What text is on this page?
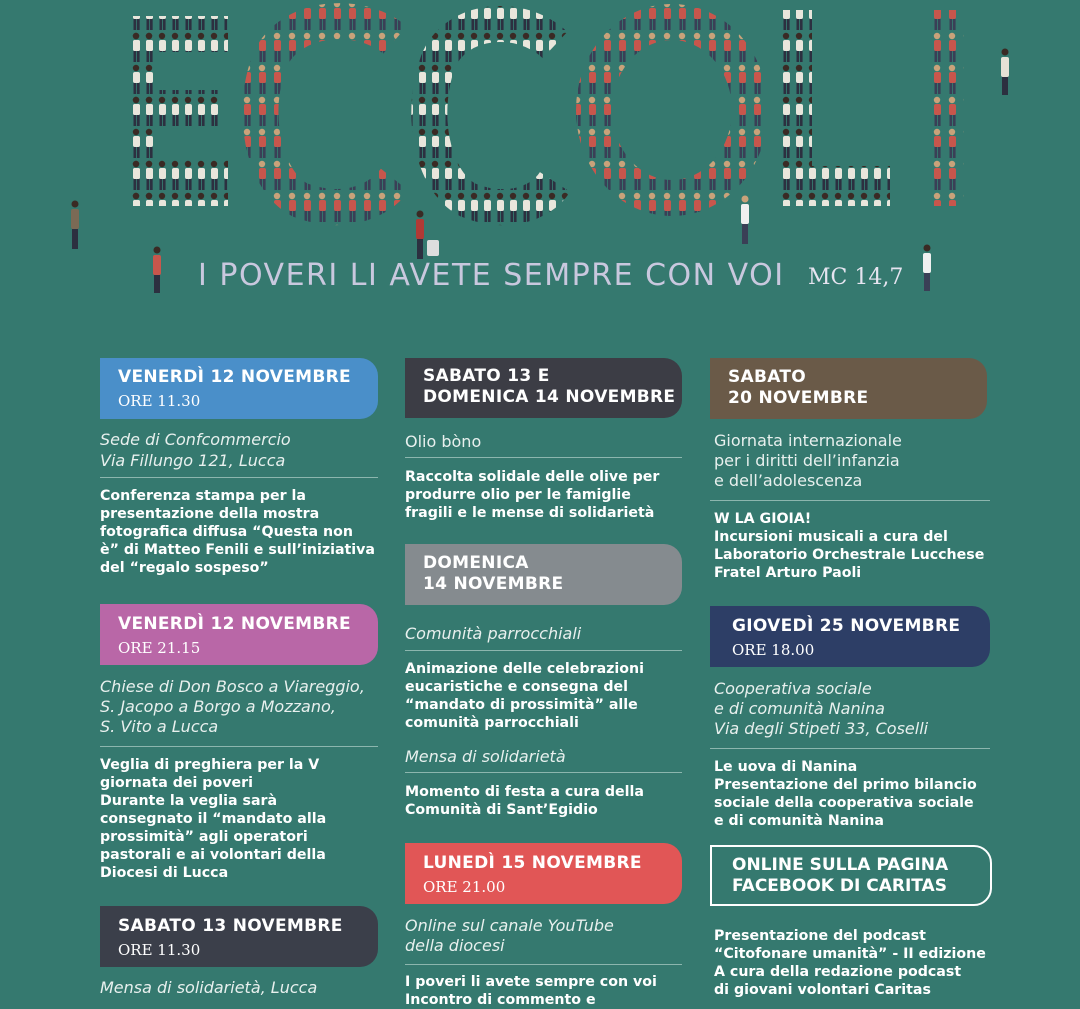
I POVERI LI AVETE SEMPRE CON VOI MC 14,7
VENERDÌ 12 NOVEMBRE
ORE 11.30
Sede di Confcommercio
Via Fillungo 121, Lucca
Conferenza stampa per la
presentazione della mostra
fotografica diffusa “Questa non
è” di Matteo Fenili e sull’iniziativa
del “regalo sospeso”
VENERDÌ 12 NOVEMBRE
ORE 21.15
Chiese di Don Bosco a Viareggio,
S. Jacopo a Borgo a Mozzano,
S. Vito a Lucca
Veglia di preghiera per la V
giornata dei poveri
Durante la veglia sarà
consegnato il “mandato alla
prossimità” agli operatori
pastorali e ai volontari della
Diocesi di Lucca
SABATO 13 NOVEMBRE
ORE 11.30
Mensa di solidarietà, Lucca
SABATO 13 E
DOMENICA 14 NOVEMBRE
Olio bòno
Raccolta solidale delle olive per
produrre olio per le famiglie
fragili e le mense di solidarietà
DOMENICA
14 NOVEMBRE
Comunità parrocchiali
Animazione delle celebrazioni
eucaristiche e consegna del
“mandato di prossimità” alle
comunità parrocchiali
Mensa di solidarietà
Momento di festa a cura della
Comunità di Sant’Egidio
LUNEDÌ 15 NOVEMBRE
ORE 21.00
Online sul canale YouTube
della diocesi
I poveri li avete sempre con voi
Incontro di commento e
SABATO
20 NOVEMBRE
Giornata internazionale
per i diritti dell’infanzia
e dell’adolescenza
W LA GIOIA!
Incursioni musicali a cura del
Laboratorio Orchestrale Lucchese
Fratel Arturo Paoli
GIOVEDÌ 25 NOVEMBRE
ORE 18.00
Cooperativa sociale
e di comunità Nanina
Via degli Stipeti 33, Coselli
Le uova di Nanina
Presentazione del primo bilancio
sociale della cooperativa sociale
e di comunità Nanina
ONLINE SULLA PAGINA
FACEBOOK DI CARITAS
Presentazione del podcast
“Citofonare umanità” - II edizione
A cura della redazione podcast
di giovani volontari Caritas
